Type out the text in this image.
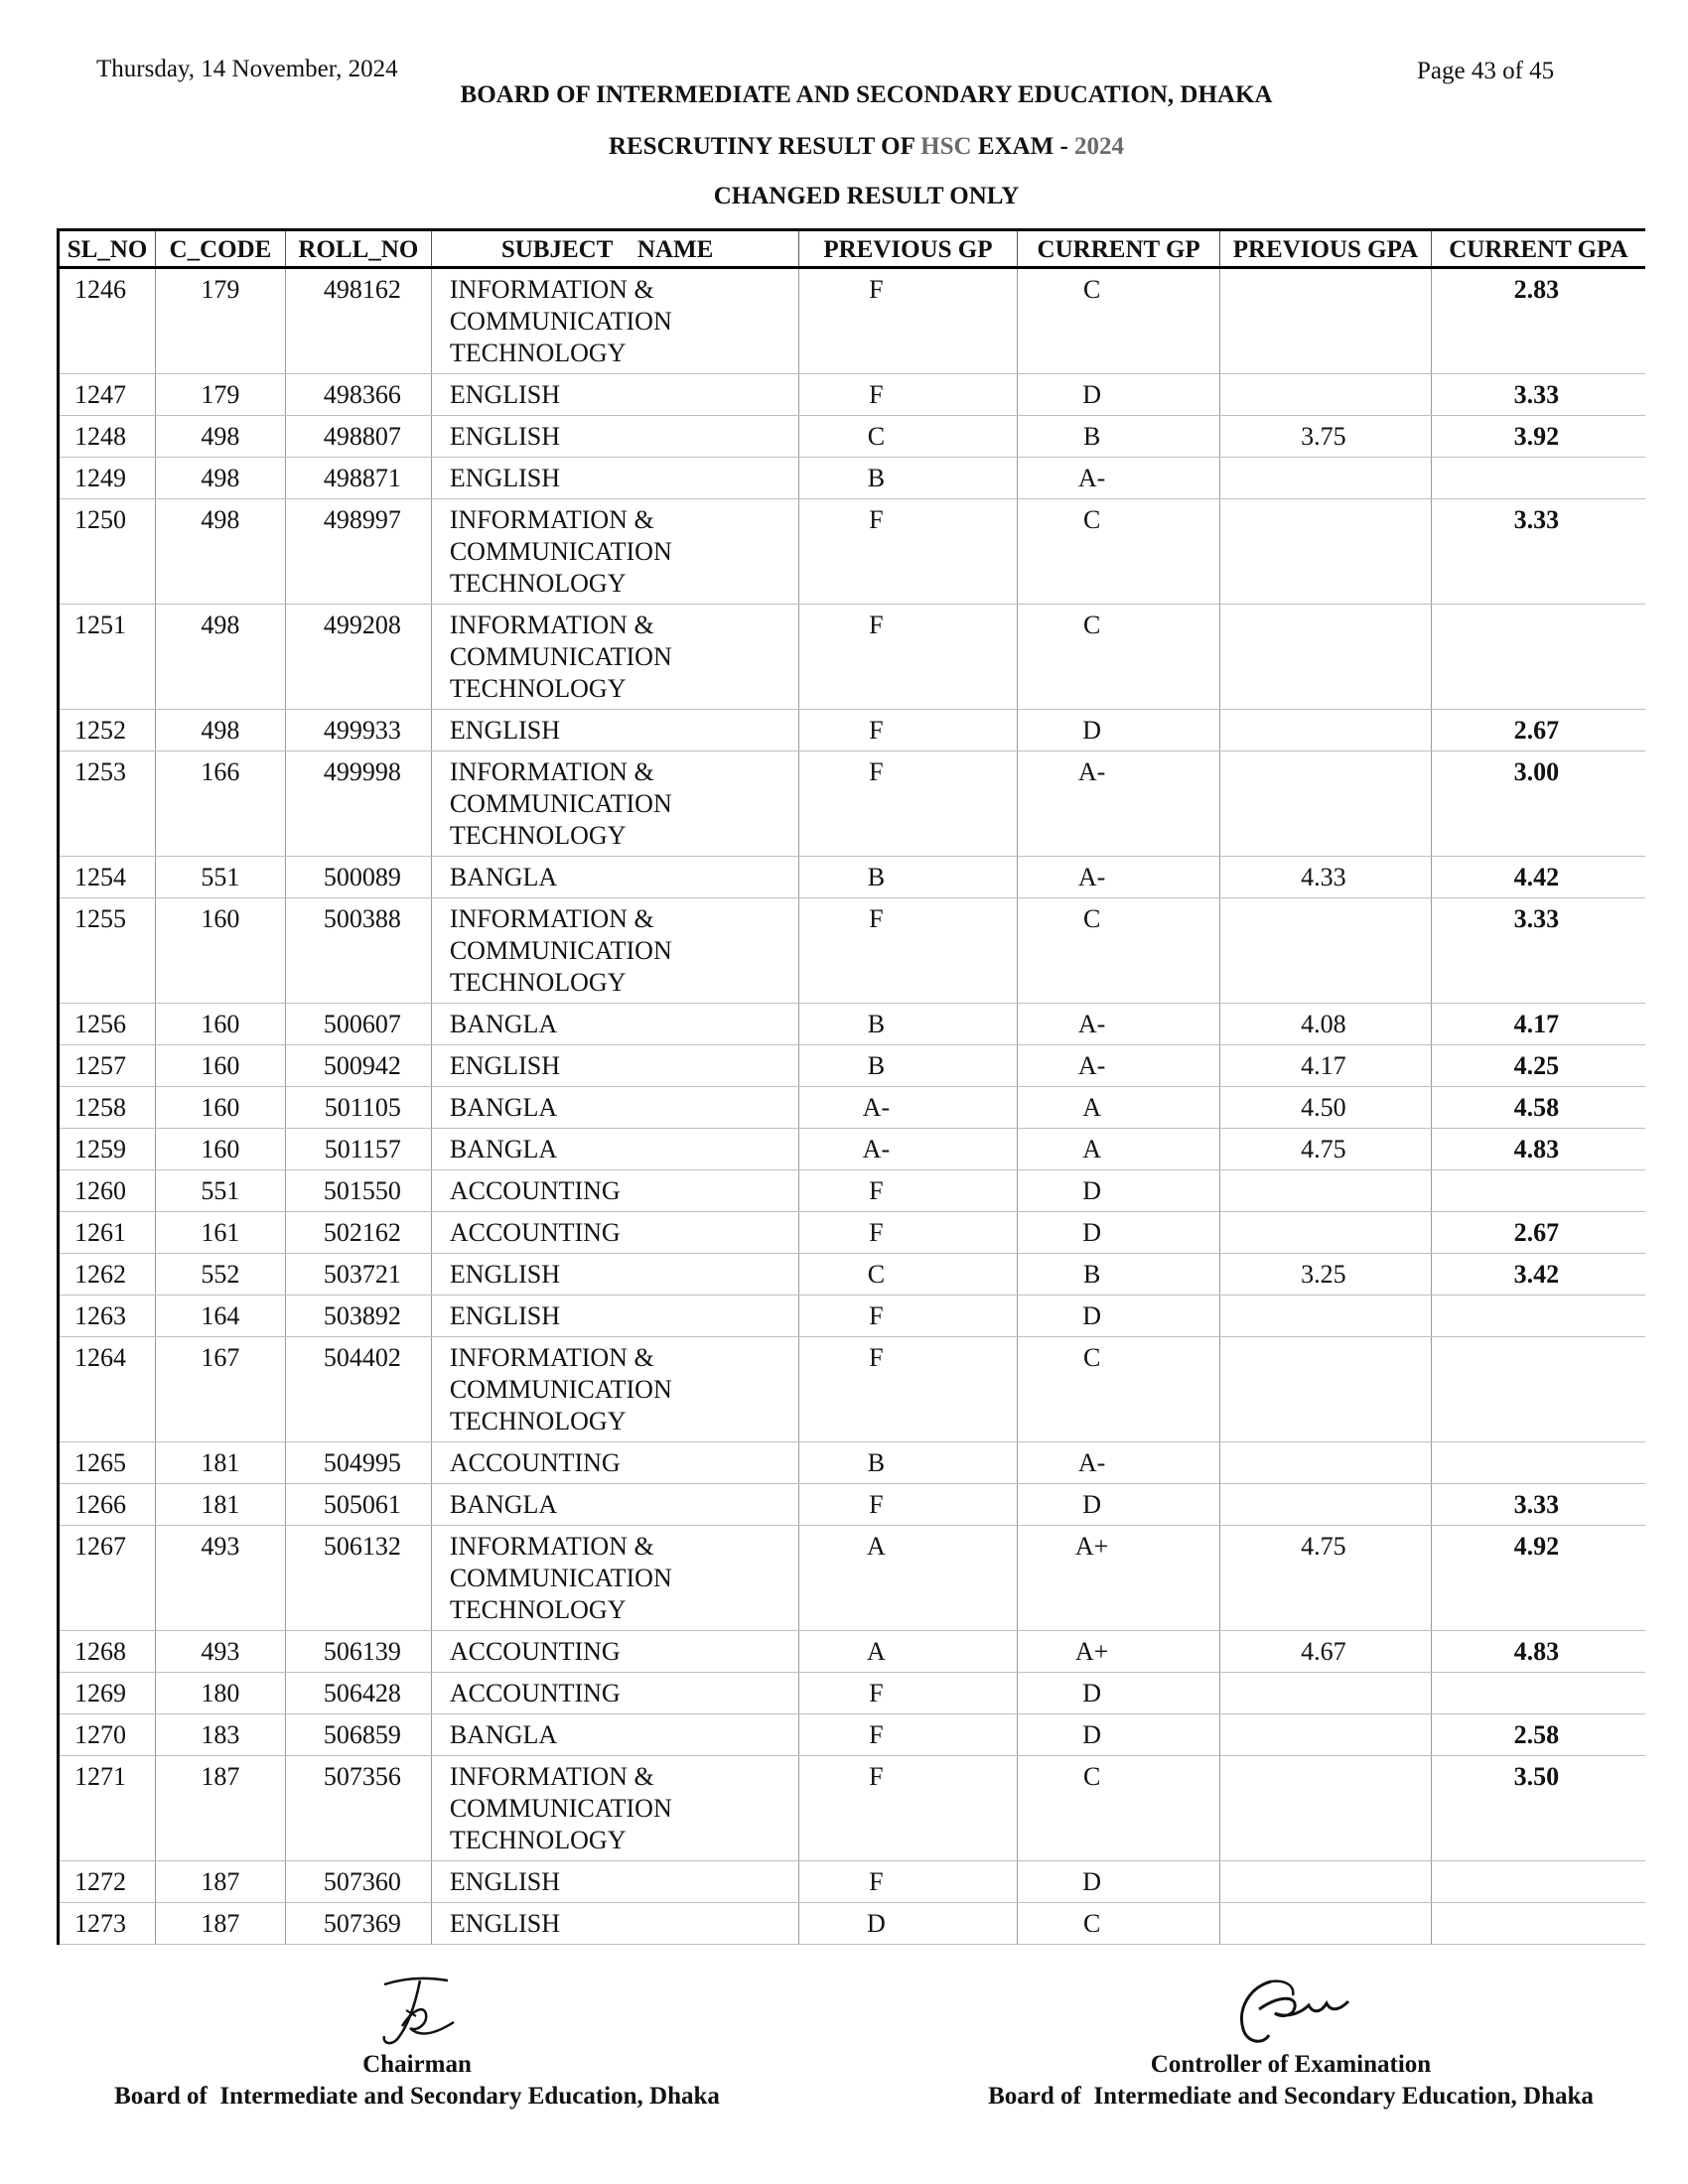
Thursday, 14 November, 2024	Page 43 of 45
BOARD OF INTERMEDIATE AND SECONDARY EDUCATION, DHAKA
RESCRUTINY RESULT OF HSC EXAM - 2024
CHANGED RESULT ONLY
SL_NO	C_CODE	ROLL_NO	SUBJECT    NAME	PREVIOUS GP	CURRENT GP	PREVIOUS GPA	CURRENT GPA
1246	179	498162	INFORMATION & COMMUNICATION TECHNOLOGY	F	C		2.83
1247	179	498366	ENGLISH	F	D		3.33
1248	498	498807	ENGLISH	C	B	3.75	3.92
1249	498	498871	ENGLISH	B	A-		
1250	498	498997	INFORMATION & COMMUNICATION TECHNOLOGY	F	C		3.33
1251	498	499208	INFORMATION & COMMUNICATION TECHNOLOGY	F	C		
1252	498	499933	ENGLISH	F	D		2.67
1253	166	499998	INFORMATION & COMMUNICATION TECHNOLOGY	F	A-		3.00
1254	551	500089	BANGLA	B	A-	4.33	4.42
1255	160	500388	INFORMATION & COMMUNICATION TECHNOLOGY	F	C		3.33
1256	160	500607	BANGLA	B	A-	4.08	4.17
1257	160	500942	ENGLISH	B	A-	4.17	4.25
1258	160	501105	BANGLA	A-	A	4.50	4.58
1259	160	501157	BANGLA	A-	A	4.75	4.83
1260	551	501550	ACCOUNTING	F	D		
1261	161	502162	ACCOUNTING	F	D		2.67
1262	552	503721	ENGLISH	C	B	3.25	3.42
1263	164	503892	ENGLISH	F	D		
1264	167	504402	INFORMATION & COMMUNICATION TECHNOLOGY	F	C		
1265	181	504995	ACCOUNTING	B	A-		
1266	181	505061	BANGLA	F	D		3.33
1267	493	506132	INFORMATION & COMMUNICATION TECHNOLOGY	A	A+	4.75	4.92
1268	493	506139	ACCOUNTING	A	A+	4.67	4.83
1269	180	506428	ACCOUNTING	F	D		
1270	183	506859	BANGLA	F	D		2.58
1271	187	507356	INFORMATION & COMMUNICATION TECHNOLOGY	F	C		3.50
1272	187	507360	ENGLISH	F	D		
1273	187	507369	ENGLISH	D	C		
Chairman
Board of  Intermediate and Secondary Education, Dhaka
Controller of Examination
Board of  Intermediate and Secondary Education, Dhaka
